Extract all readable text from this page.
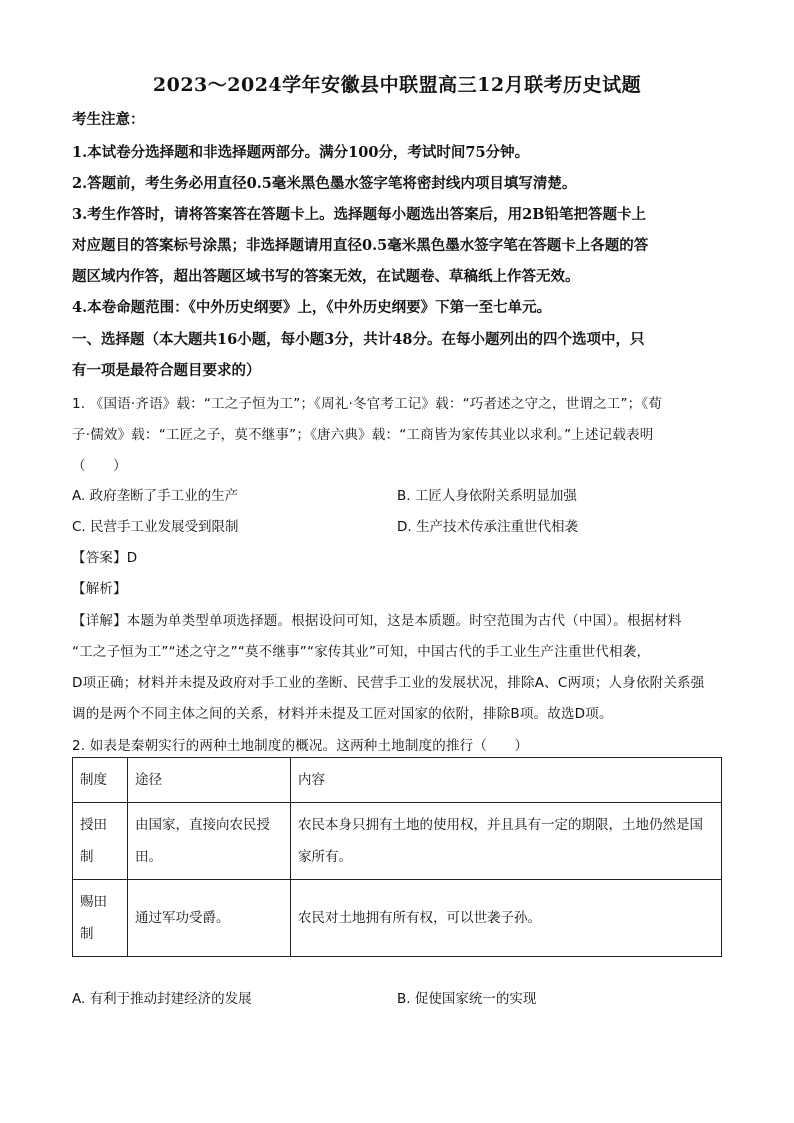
2023～2024学年安徽县中联盟高三12月联考历史试题
考生注意：
1.本试卷分选择题和非选择题两部分。满分100分，考试时间75分钟。
2.答题前，考生务必用直径0.5毫米黑色墨水签字笔将密封线内项目填写清楚。
3.考生作答时，请将答案答在答题卡上。选择题每小题选出答案后，用2B铅笔把答题卡上
对应题目的答案标号涂黑；非选择题请用直径0.5毫米黑色墨水签字笔在答题卡上各题的答
题区域内作答，超出答题区域书写的答案无效，在试题卷、草稿纸上作答无效。
4.本卷命题范围：《中外历史纲要》上，《中外历史纲要》下第一至七单元。
一、选择题（本大题共16小题，每小题3分，共计48分。在每小题列出的四个选项中，只
有一项是最符合题目要求的）
1. 《国语·齐语》载：“工之子恒为工”；《周礼·冬官考工记》载：“巧者述之守之，世谓之工”；《荀
子·儒效》载：“工匠之子，莫不继事”；《唐六典》载：“工商皆为家传其业以求利。”上述记载表明
（　　）
A. 政府垄断了手工业的生产	B. 工匠人身依附关系明显加强
C. 民营手工业发展受到限制	D. 生产技术传承注重世代相袭
【答案】D
【解析】
【详解】本题为单类型单项选择题。根据设问可知，这是本质题。时空范围为古代（中国）。根据材料
“工之子恒为工”“述之守之”“莫不继事”“家传其业”可知，中国古代的手工业生产注重世代相袭，
D项正确；材料并未提及政府对手工业的垄断、民营手工业的发展状况，排除A、C两项；人身依附关系强
调的是两个不同主体之间的关系，材料并未提及工匠对国家的依附，排除B项。故选D项。
2. 如表是秦朝实行的两种土地制度的概况。这两种土地制度的推行（　　）
制度	途径	内容
授田制	由国家，直接向农民授田。	农民本身只拥有土地的使用权，并且具有一定的期限，土地仍然是国家所有。
赐田制	通过军功受爵。	农民对土地拥有所有权，可以世袭子孙。
A. 有利于推动封建经济的发展	B. 促使国家统一的实现
